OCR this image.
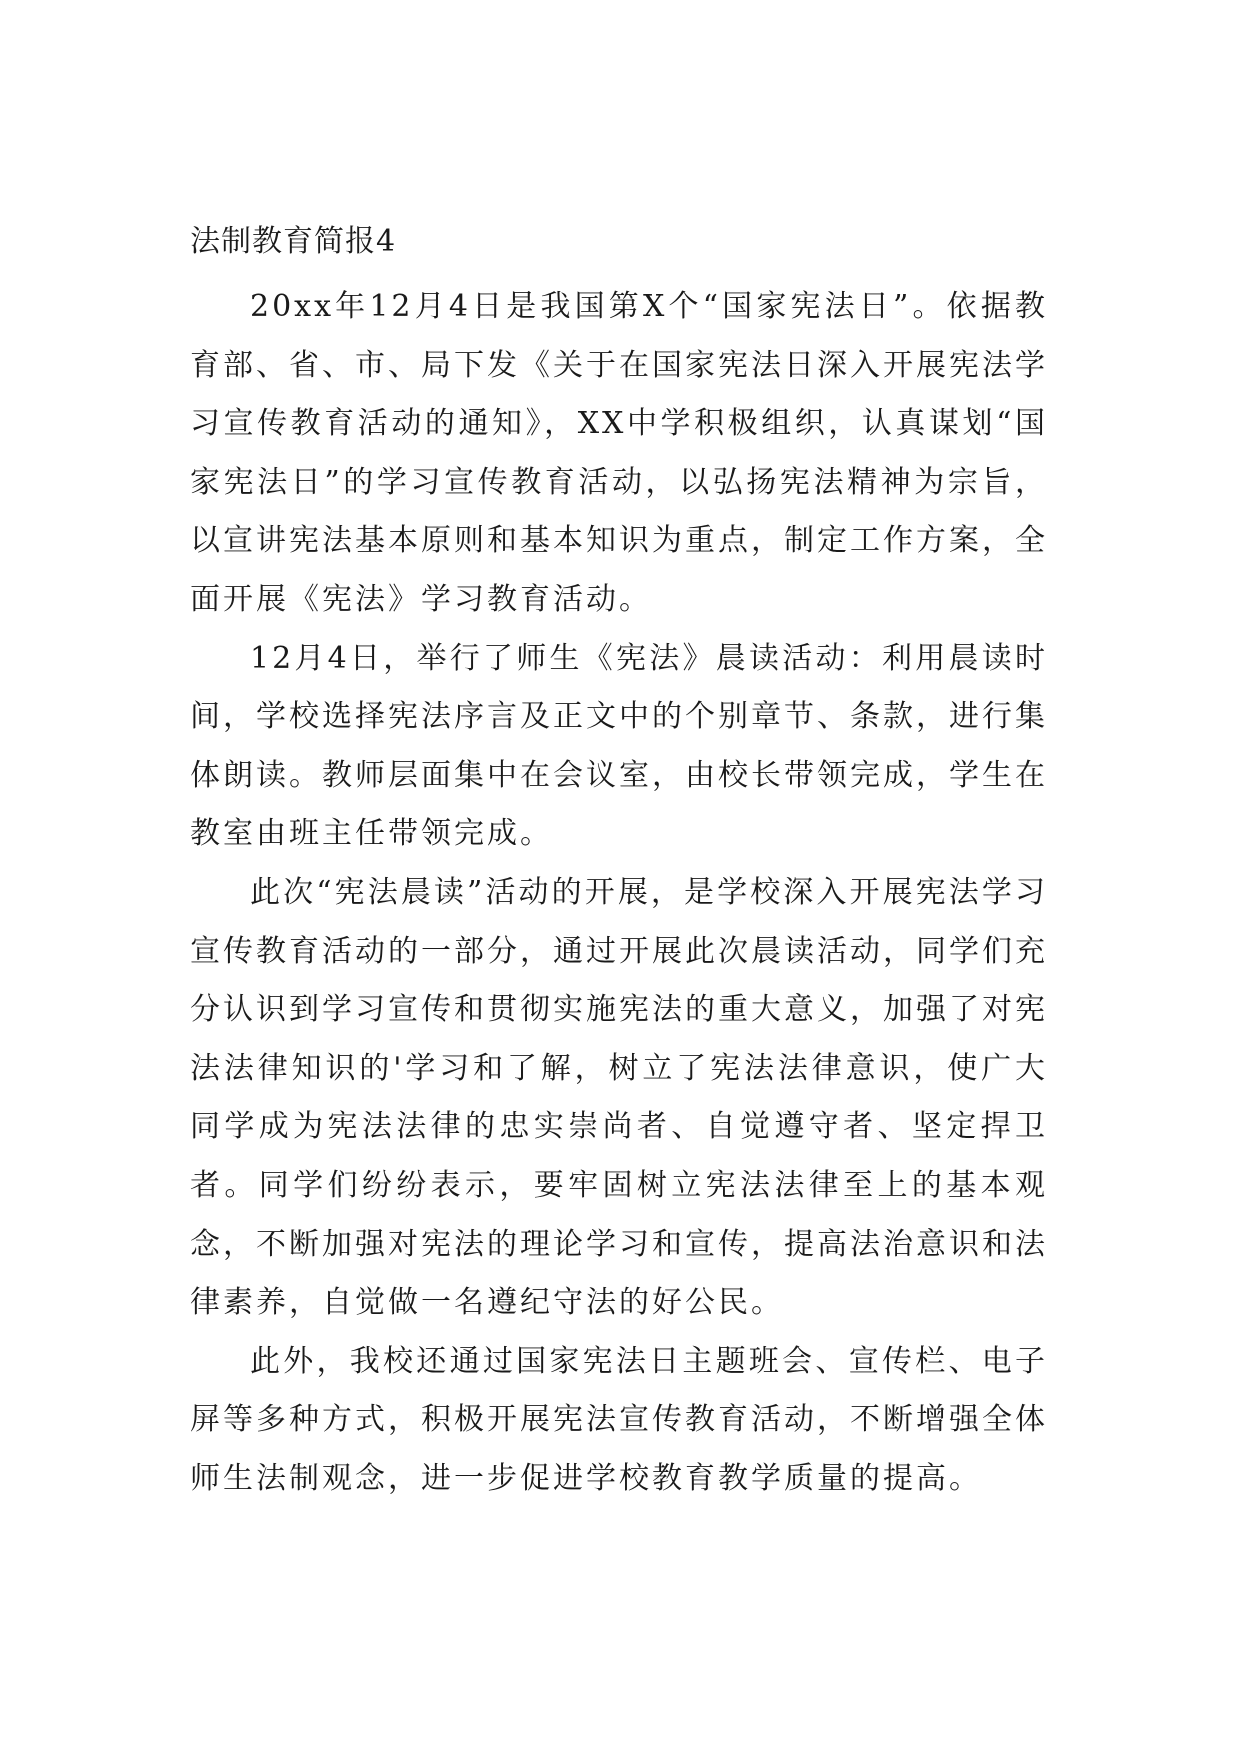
法制教育简报4

20xx年12月4日是我国第X个“国家宪法日”。依据教育部、省、市、局下发《关于在国家宪法日深入开展宪法学习宣传教育活动的通知》，XX中学积极组织，认真谋划“国家宪法日”的学习宣传教育活动，以弘扬宪法精神为宗旨，以宣讲宪法基本原则和基本知识为重点，制定工作方案，全面开展《宪法》学习教育活动。

12月4日，举行了师生《宪法》晨读活动：利用晨读时间，学校选择宪法序言及正文中的个别章节、条款，进行集体朗读。教师层面集中在会议室，由校长带领完成，学生在教室由班主任带领完成。

此次“宪法晨读”活动的开展，是学校深入开展宪法学习宣传教育活动的一部分，通过开展此次晨读活动，同学们充分认识到学习宣传和贯彻实施宪法的重大意义，加强了对宪法法律知识的'学习和了解，树立了宪法法律意识，使广大同学成为宪法法律的忠实崇尚者、自觉遵守者、坚定捍卫者。同学们纷纷表示，要牢固树立宪法法律至上的基本观念，不断加强对宪法的理论学习和宣传，提高法治意识和法律素养，自觉做一名遵纪守法的好公民。

此外，我校还通过国家宪法日主题班会、宣传栏、电子屏等多种方式，积极开展宪法宣传教育活动，不断增强全体师生法制观念，进一步促进学校教育教学质量的提高。
